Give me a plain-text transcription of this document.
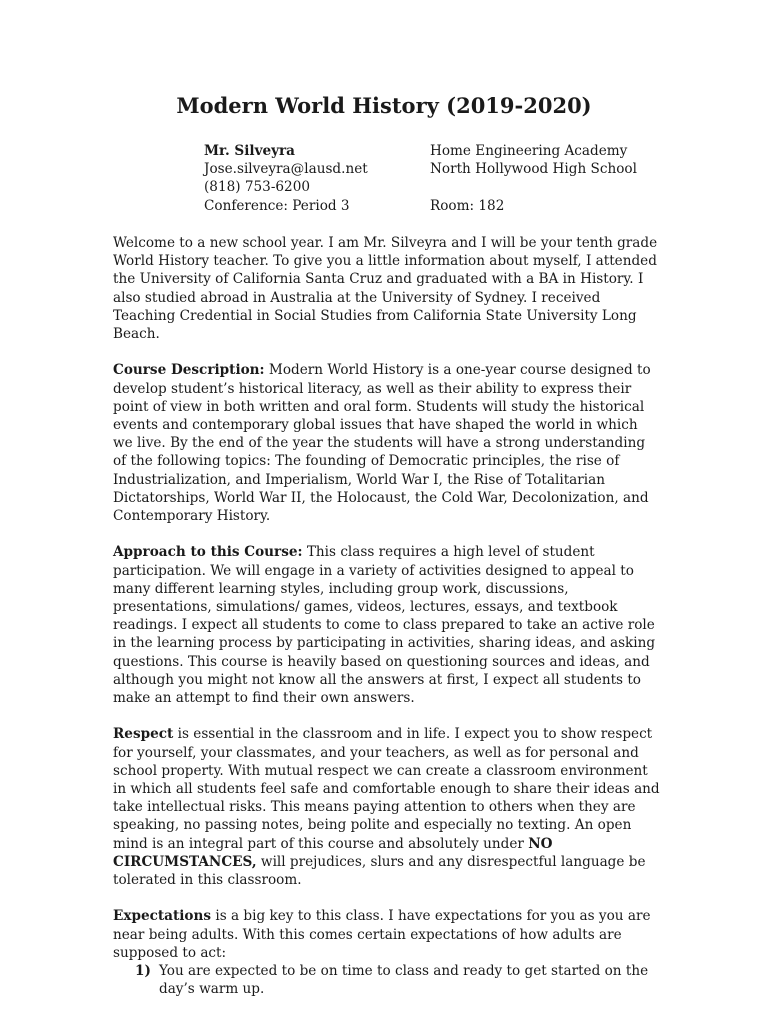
Modern World History (2019-2020)
Mr. Silveyra	Home Engineering Academy
Jose.silveyra@lausd.net	North Hollywood High School
(818) 753-6200
Conference: Period 3	Room: 182

Welcome to a new school year. I am Mr. Silveyra and I will be your tenth grade World History teacher. To give you a little information about myself, I attended the University of California Santa Cruz and graduated with a BA in History. I also studied abroad in Australia at the University of Sydney. I received Teaching Credential in Social Studies from California State University Long Beach.

Course Description: Modern World History is a one-year course designed to develop student’s historical literacy, as well as their ability to express their point of view in both written and oral form. Students will study the historical events and contemporary global issues that have shaped the world in which we live. By the end of the year the students will have a strong understanding of the following topics: The founding of Democratic principles, the rise of Industrialization, and Imperialism, World War I, the Rise of Totalitarian Dictatorships, World War II, the Holocaust, the Cold War, Decolonization, and Contemporary History.

Approach to this Course: This class requires a high level of student participation. We will engage in a variety of activities designed to appeal to many different learning styles, including group work, discussions, presentations, simulations/ games, videos, lectures, essays, and textbook readings. I expect all students to come to class prepared to take an active role in the learning process by participating in activities, sharing ideas, and asking questions. This course is heavily based on questioning sources and ideas, and although you might not know all the answers at first, I expect all students to make an attempt to find their own answers.

Respect is essential in the classroom and in life. I expect you to show respect for yourself, your classmates, and your teachers, as well as for personal and school property. With mutual respect we can create a classroom environment in which all students feel safe and comfortable enough to share their ideas and take intellectual risks. This means paying attention to others when they are speaking, no passing notes, being polite and especially no texting. An open mind is an integral part of this course and absolutely under NO CIRCUMSTANCES, will prejudices, slurs and any disrespectful language be tolerated in this classroom.

Expectations is a big key to this class. I have expectations for you as you are near being adults. With this comes certain expectations of how adults are supposed to act:

1) You are expected to be on time to class and ready to get started on the day’s warm up.
